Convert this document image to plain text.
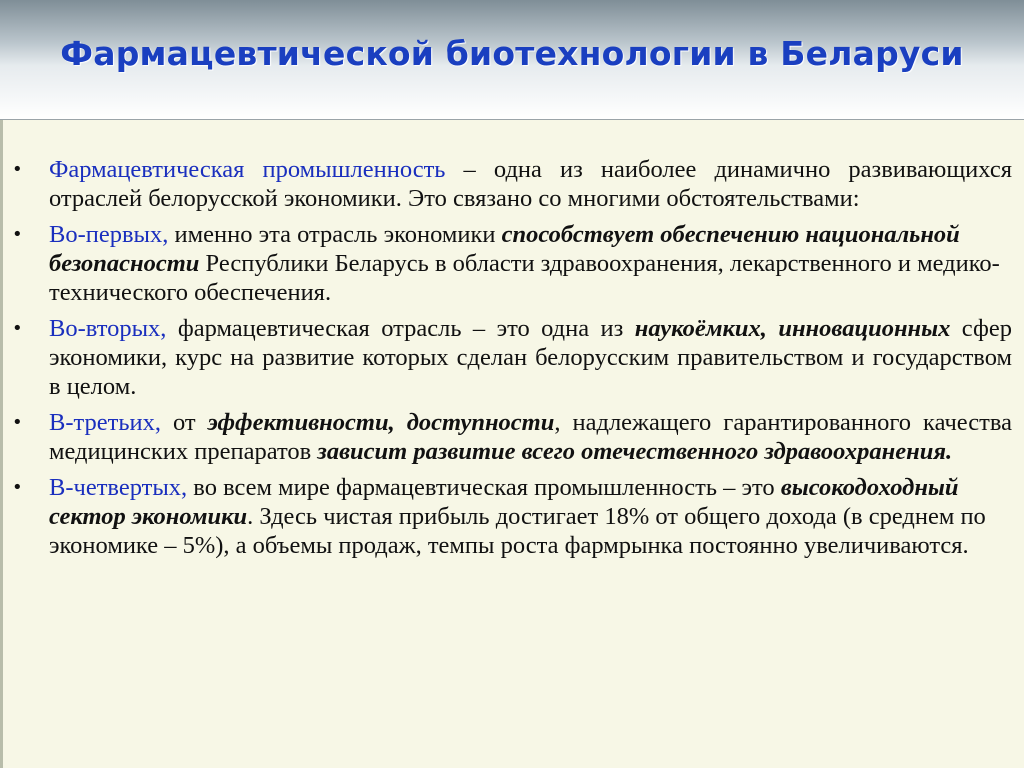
Фармацевтической биотехнологии в Беларуси
•	Фармацевтическая промышленность – одна из наиболее динамично развивающихся отраслей белорусской экономики. Это связано со многими обстоятельствами:
•	Во-первых, именно эта отрасль экономики способствует обеспечению национальной безопасности Республики Беларусь в области здравоохранения, лекарственного и медико-технического обеспечения.
•	Во-вторых, фармацевтическая отрасль – это одна из наукоёмких, инновационных сфер экономики, курс на развитие которых сделан белорусским правительством и государством в целом.
•	В-третьих, от эффективности, доступности, надлежащего гарантированного качества медицинских препаратов зависит развитие всего отечественного здравоохранения.
•	В-четвертых, во всем мире фармацевтическая промышленность – это высокодоходный сектор экономики. Здесь чистая прибыль достигает 18% от общего дохода (в среднем по экономике – 5%), а объемы продаж, темпы роста фармрынка постоянно увеличиваются.
